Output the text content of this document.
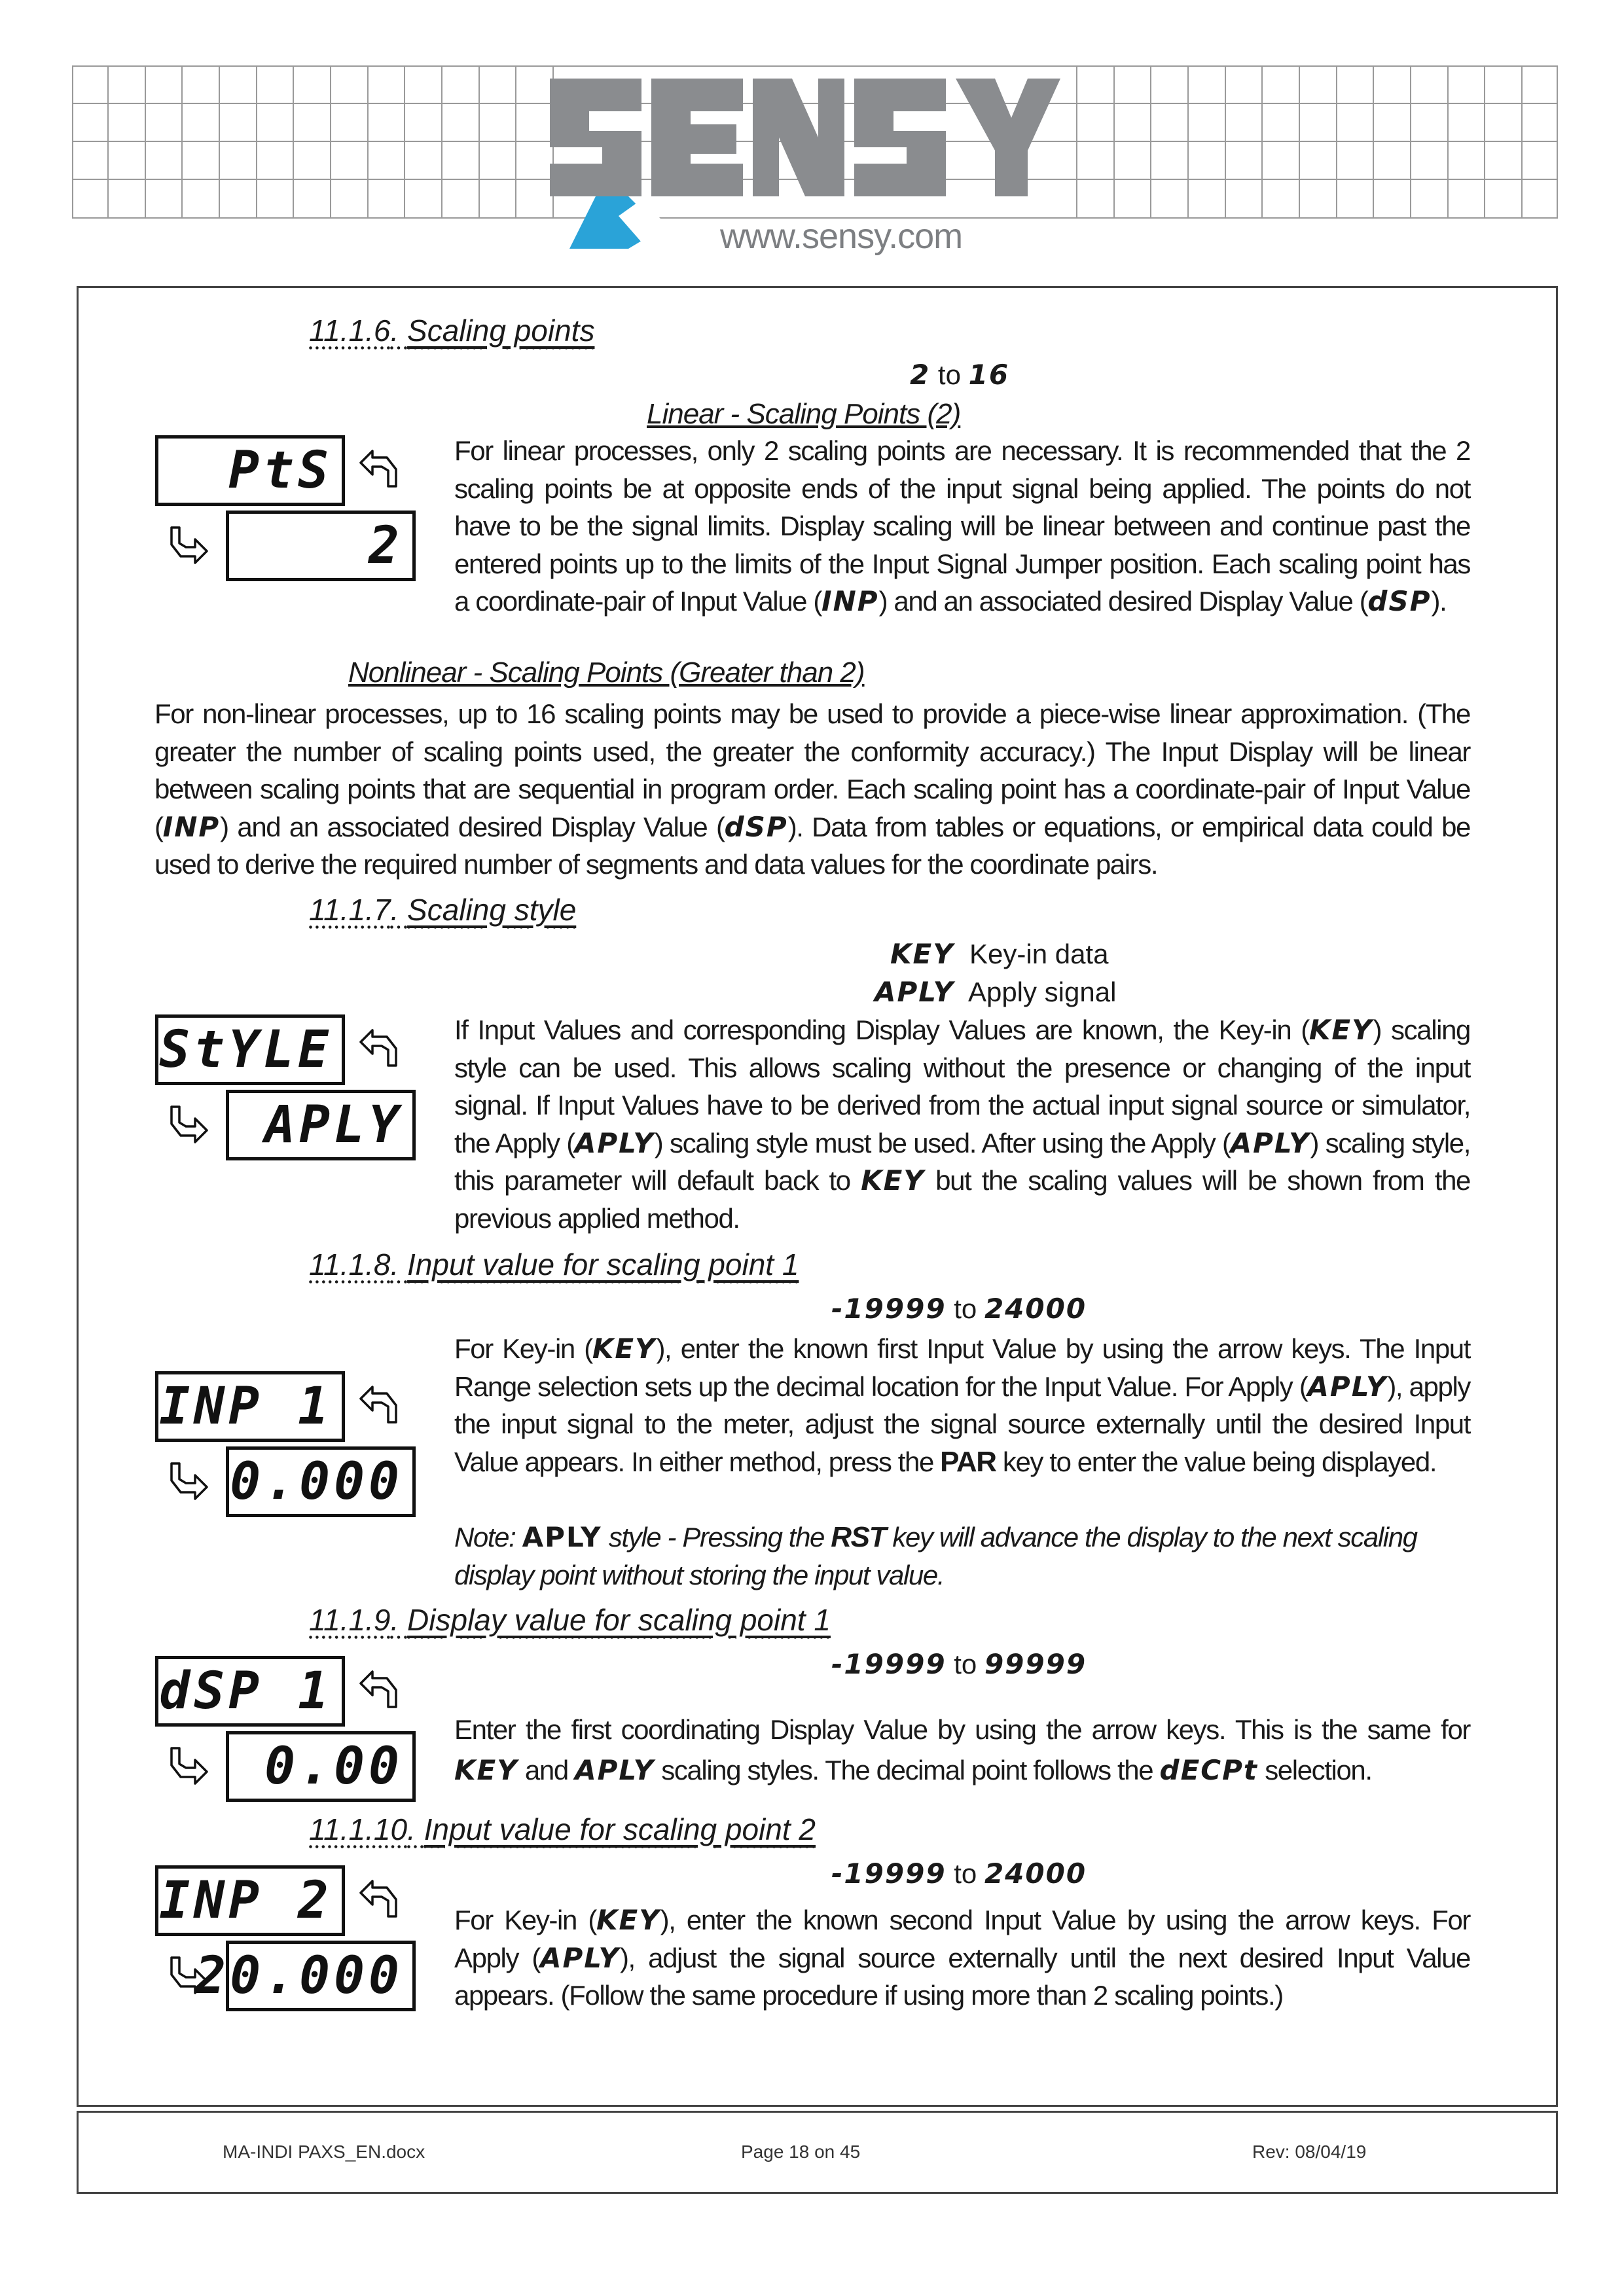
www.sensy.com
11.1.6. Scaling points
2 to 16
Linear - Scaling Points (2)
PtS
2
For linear processes, only 2 scaling points are necessary. It is recommended that the 2 scaling points be at opposite ends of the input signal being applied. The points do not have to be the signal limits. Display scaling will be linear between and continue past the entered points up to the limits of the Input Signal Jumper position. Each scaling point has a coordinate-pair of Input Value (INP) and an associated desired Display Value (dSP).
Nonlinear - Scaling Points (Greater than 2)
For non-linear processes, up to 16 scaling points may be used to provide a piece-wise linear approximation. (The greater the number of scaling points used, the greater the conformity accuracy.) The Input Display will be linear between scaling points that are sequential in program order. Each scaling point has a coordinate-pair of Input Value (INP) and an associated desired Display Value (dSP). Data from tables or equations, or empirical data could be used to derive the required number of segments and data values for the coordinate pairs.
11.1.7. Scaling style
KEY Key-in data
APLY Apply signal
StYLE
APLY
If Input Values and corresponding Display Values are known, the Key-in (KEY) scaling style can be used. This allows scaling without the presence or changing of the input signal. If Input Values have to be derived from the actual input signal source or simulator, the Apply (APLY) scaling style must be used. After using the Apply (APLY) scaling style, this parameter will default back to KEY but the scaling values will be shown from the previous applied method.
11.1.8. Input value for scaling point 1
-19999 to 24000
INP 1
0.000
For Key-in (KEY), enter the known first Input Value by using the arrow keys. The Input Range selection sets up the decimal location for the Input Value. For Apply (APLY), apply the input signal to the meter, adjust the signal source externally until the desired Input Value appears. In either method, press the PAR key to enter the value being displayed.
Note: APLY style - Pressing the RST key will advance the display to the next scaling display point without storing the input value.
11.1.9. Display value for scaling point 1
-19999 to 99999
dSP 1
0.00
Enter the first coordinating Display Value by using the arrow keys. This is the same for KEY and APLY scaling styles. The decimal point follows the dECPt selection.
11.1.10. Input value for scaling point 2
-19999 to 24000
INP 2
20.000
For Key-in (KEY), enter the known second Input Value by using the arrow keys. For Apply (APLY), adjust the signal source externally until the next desired Input Value appears. (Follow the same procedure if using more than 2 scaling points.)
MA-INDI PAXS_EN.docx	Page 18 on 45	Rev: 08/04/19
